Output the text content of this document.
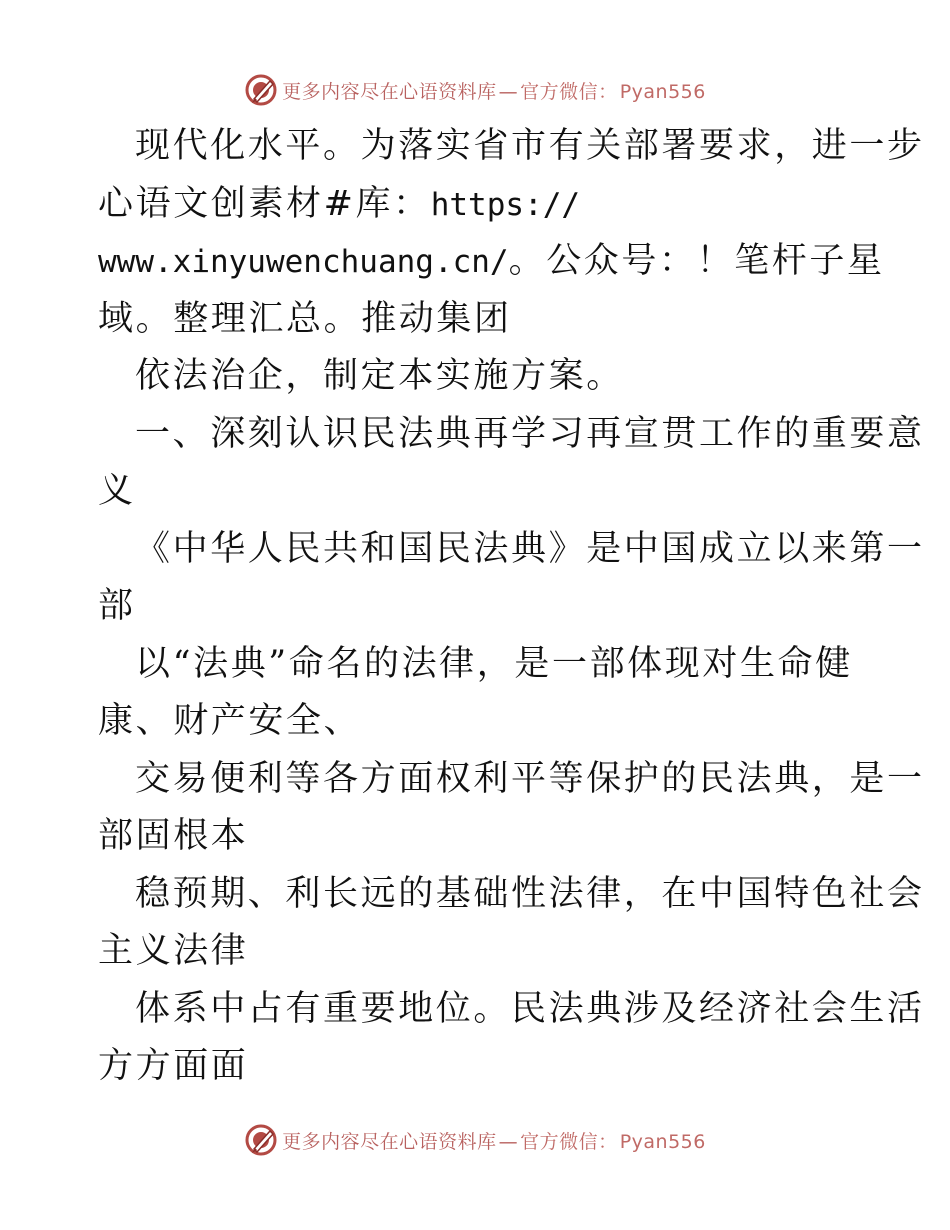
更多内容尽在心语资料库 — 官方微信： Pyan556
现代化水平。为落实省市有关部署要求，进一步
心语文创素材#库：https://
www.xinyuwenchuang.cn/。公众号：！笔杆子星
域。整理汇总。推动集团
依法治企，制定本实施方案。
一、深刻认识民法典再学习再宣贯工作的重要意
义
《中华人民共和国民法典》是中国成立以来第一
部
以“法典”命名的法律，是一部体现对生命健
康、财产安全、
交易便利等各方面权利平等保护的民法典，是一
部固根本
稳预期、利长远的基础性法律，在中国特色社会
主义法律
体系中占有重要地位。民法典涉及经济社会生活
方方面面
更多内容尽在心语资料库 — 官方微信： Pyan556
